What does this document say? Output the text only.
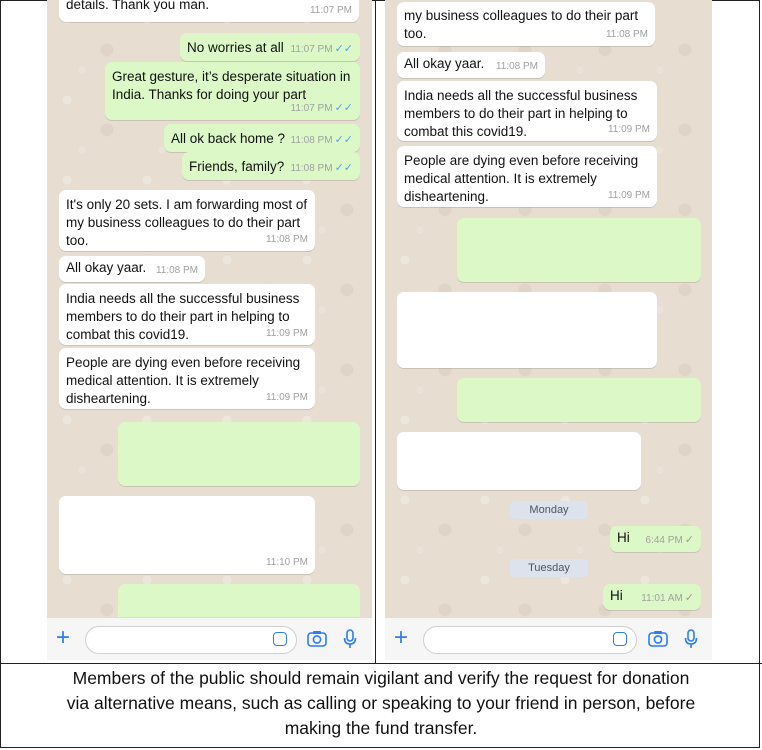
details. Thank you man.	11:07 PM
No worries at all 11:07 PM ✓✓
Great gesture, it’s desperate situation in
India. Thanks for doing your part
11:07 PM ✓✓
All ok back home ? 11:08 PM ✓✓
Friends, family? 11:08 PM ✓✓
It's only 20 sets. I am forwarding most of
my business colleagues to do their part
too.	11:08 PM
All okay yaar. 11:08 PM
India needs all the successful business
members to do their part in helping to
combat this covid19.	11:09 PM
People are dying even before receiving
medical attention. It is extremely
disheartening.	11:09 PM
11:10 PM
+
my business colleagues to do their part
too.	11:08 PM
All okay yaar. 11:08 PM
India needs all the successful business
members to do their part in helping to
combat this covid19.	11:09 PM
People are dying even before receiving
medical attention. It is extremely
disheartening.	11:09 PM
Monday
Hi 6:44 PM ✓
Tuesday
Hi 11:01 AM ✓
+
Members of the public should remain vigilant and verify the request for donation
via alternative means, such as calling or speaking to your friend in person, before
making the fund transfer.
